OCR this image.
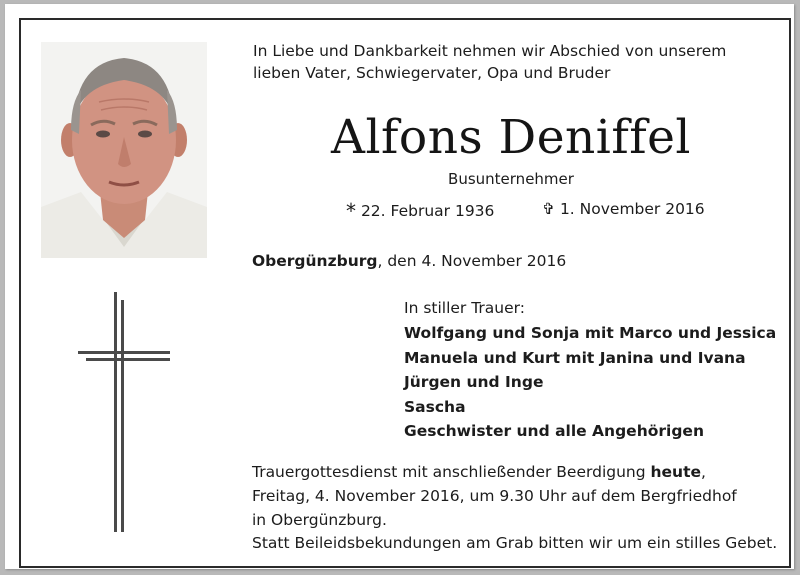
In Liebe und Dankbarkeit nehmen wir Abschied von unserem
lieben Vater, Schwiegervater, Opa und Bruder

Alfons Deniffel
Busunternehmer

* 22. Februar 1936	✞ 1. November 2016

Obergünzburg, den 4. November 2016

In stiller Trauer:

Wolfgang und Sonja mit Marco und Jessica
Manuela und Kurt mit Janina und Ivana
Jürgen und Inge
Sascha
Geschwister und alle Angehörigen

Trauergottesdienst mit anschließender Beerdigung heute,
Freitag, 4. November 2016, um 9.30 Uhr auf dem Bergfriedhof
in Obergünzburg.

Statt Beileidsbekundungen am Grab bitten wir um ein stilles Gebet.
